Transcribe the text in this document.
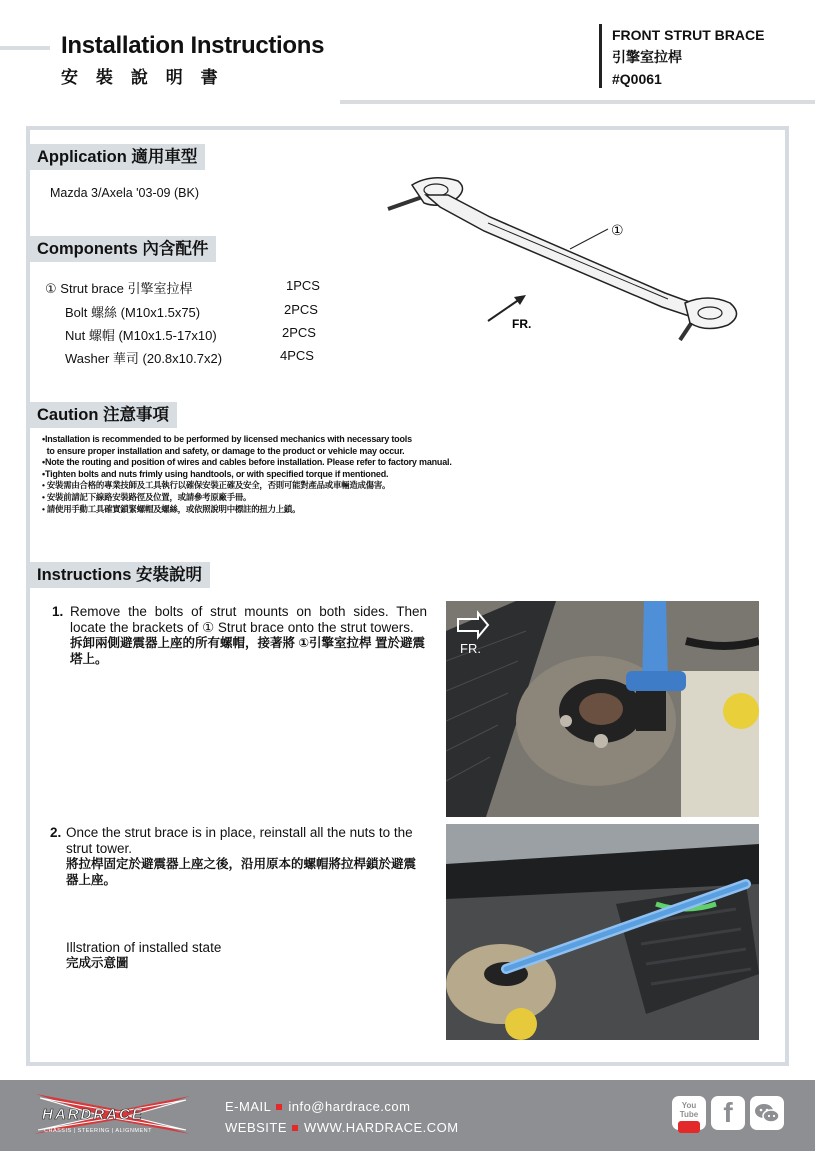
Installation Instructions
安 裝 說 明 書
FRONT STRUT BRACE
引擎室拉桿
#Q0061
Application 適用車型
Mazda 3/Axela '03-09 (BK)
Components 內含配件
① Strut brace 引擎室拉桿	1PCS
Bolt 螺絲 (M10x1.5x75)	2PCS
Nut 螺帽 (M10x1.5-17x10)	2PCS
Washer 華司 (20.8x10.7x2)	4PCS
①
FR.
Caution 注意事項
•Installation is recommended to be performed by licensed mechanics with necessary tools
to ensure proper installation and safety, or damage to the product or vehicle may occur.
•Note the routing and position of wires and cables before installation. Please refer to factory manual.
•Tighten bolts and nuts frimly using handtools, or with specified torque if mentioned.
• 安裝需由合格的專業技師及工具執行以確保安裝正確及安全，否則可能對產品或車輛造成傷害。
• 安裝前請記下線路安裝路徑及位置，或請參考原廠手冊。
• 請使用手動工具確實鎖緊螺帽及螺絲，或依照說明中標註的扭力上鎖。
Instructions 安裝說明
1. Remove the bolts of strut mounts on both sides. Then locate the brackets of ① Strut brace onto the strut towers.
拆卸兩側避震器上座的所有螺帽，接著將 ①引擎室拉桿 置於避震塔上。
2. Once the strut brace is in place, reinstall all the nuts to the strut tower.
將拉桿固定於避震器上座之後，沿用原本的螺帽將拉桿鎖於避震器上座。
Illstration of installed state
完成示意圖
FR.
HARDRACE
CHASSIS | STEERING | ALIGNMENT
E-MAIL info@hardrace.com
WEBSITE WWW.HARDRACE.COM
You Tube f
